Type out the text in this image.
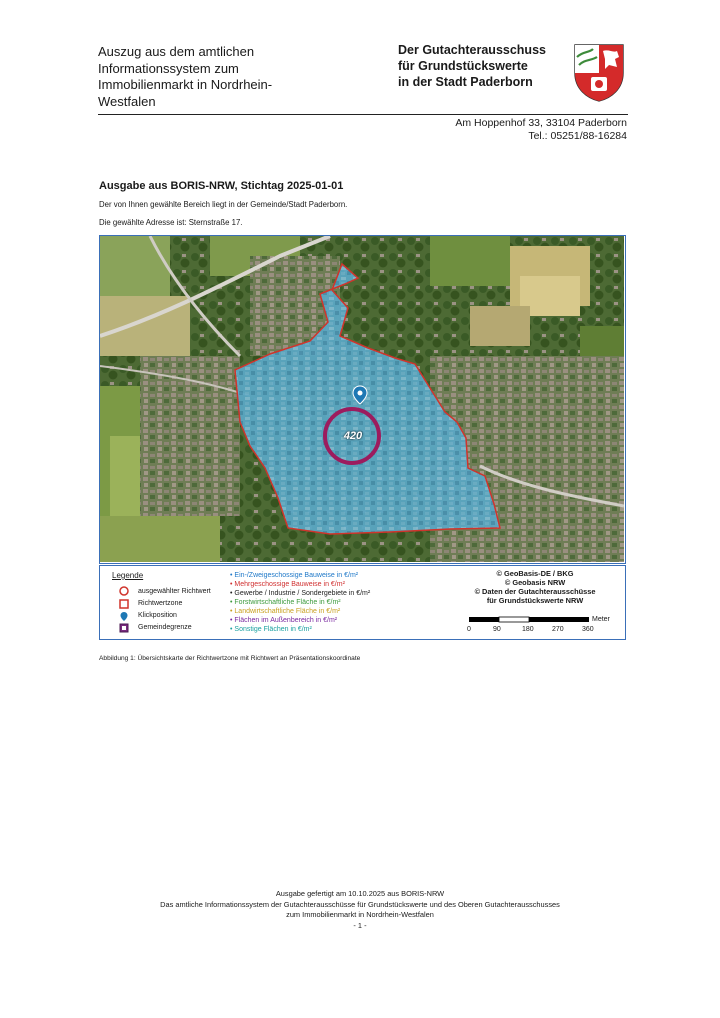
Auszug aus dem amtlichen
Informationssystem zum
Immobilienmarkt in Nordrhein-
Westfalen
Der Gutachterausschuss
für Grundstückswerte
in der Stadt Paderborn
Am Hoppenhof 33, 33104 Paderborn
Tel.: 05251/88-16284
Ausgabe aus BORIS-NRW, Stichtag 2025-01-01
Der von Ihnen gewählte Bereich liegt in der Gemeinde/Stadt Paderborn.
Die gewählte Adresse ist: Sternstraße 17.
420
Legende
ausgewählter Richtwert
Richtwertzone
Klickposition
Gemeindegrenze
• Ein-/Zweigeschossige Bauweise in €/m²
• Mehrgeschossige Bauweise in €/m²
• Gewerbe / Industrie / Sondergebiete in €/m²
• Forstwirtschaftliche Fläche in €/m²
• Landwirtschaftliche Fläche in €/m²
• Flächen im Außenbereich in €/m²
• Sonstige Flächen in €/m²
© GeoBasis-DE / BKG
© Geobasis NRW
© Daten der Gutachterausschüsse
für Grundstückswerte NRW
Meter
0	90	180	270	360
Abbildung 1: Übersichtskarte der Richtwertzone mit Richtwert an Präsentationskoordinate
Ausgabe gefertigt am 10.10.2025 aus BORIS-NRW
Das amtliche Informationssystem der Gutachterausschüsse für Grundstückswerte und des Oberen Gutachterausschusses
zum Immobilienmarkt in Nordrhein-Westfalen
- 1 -
